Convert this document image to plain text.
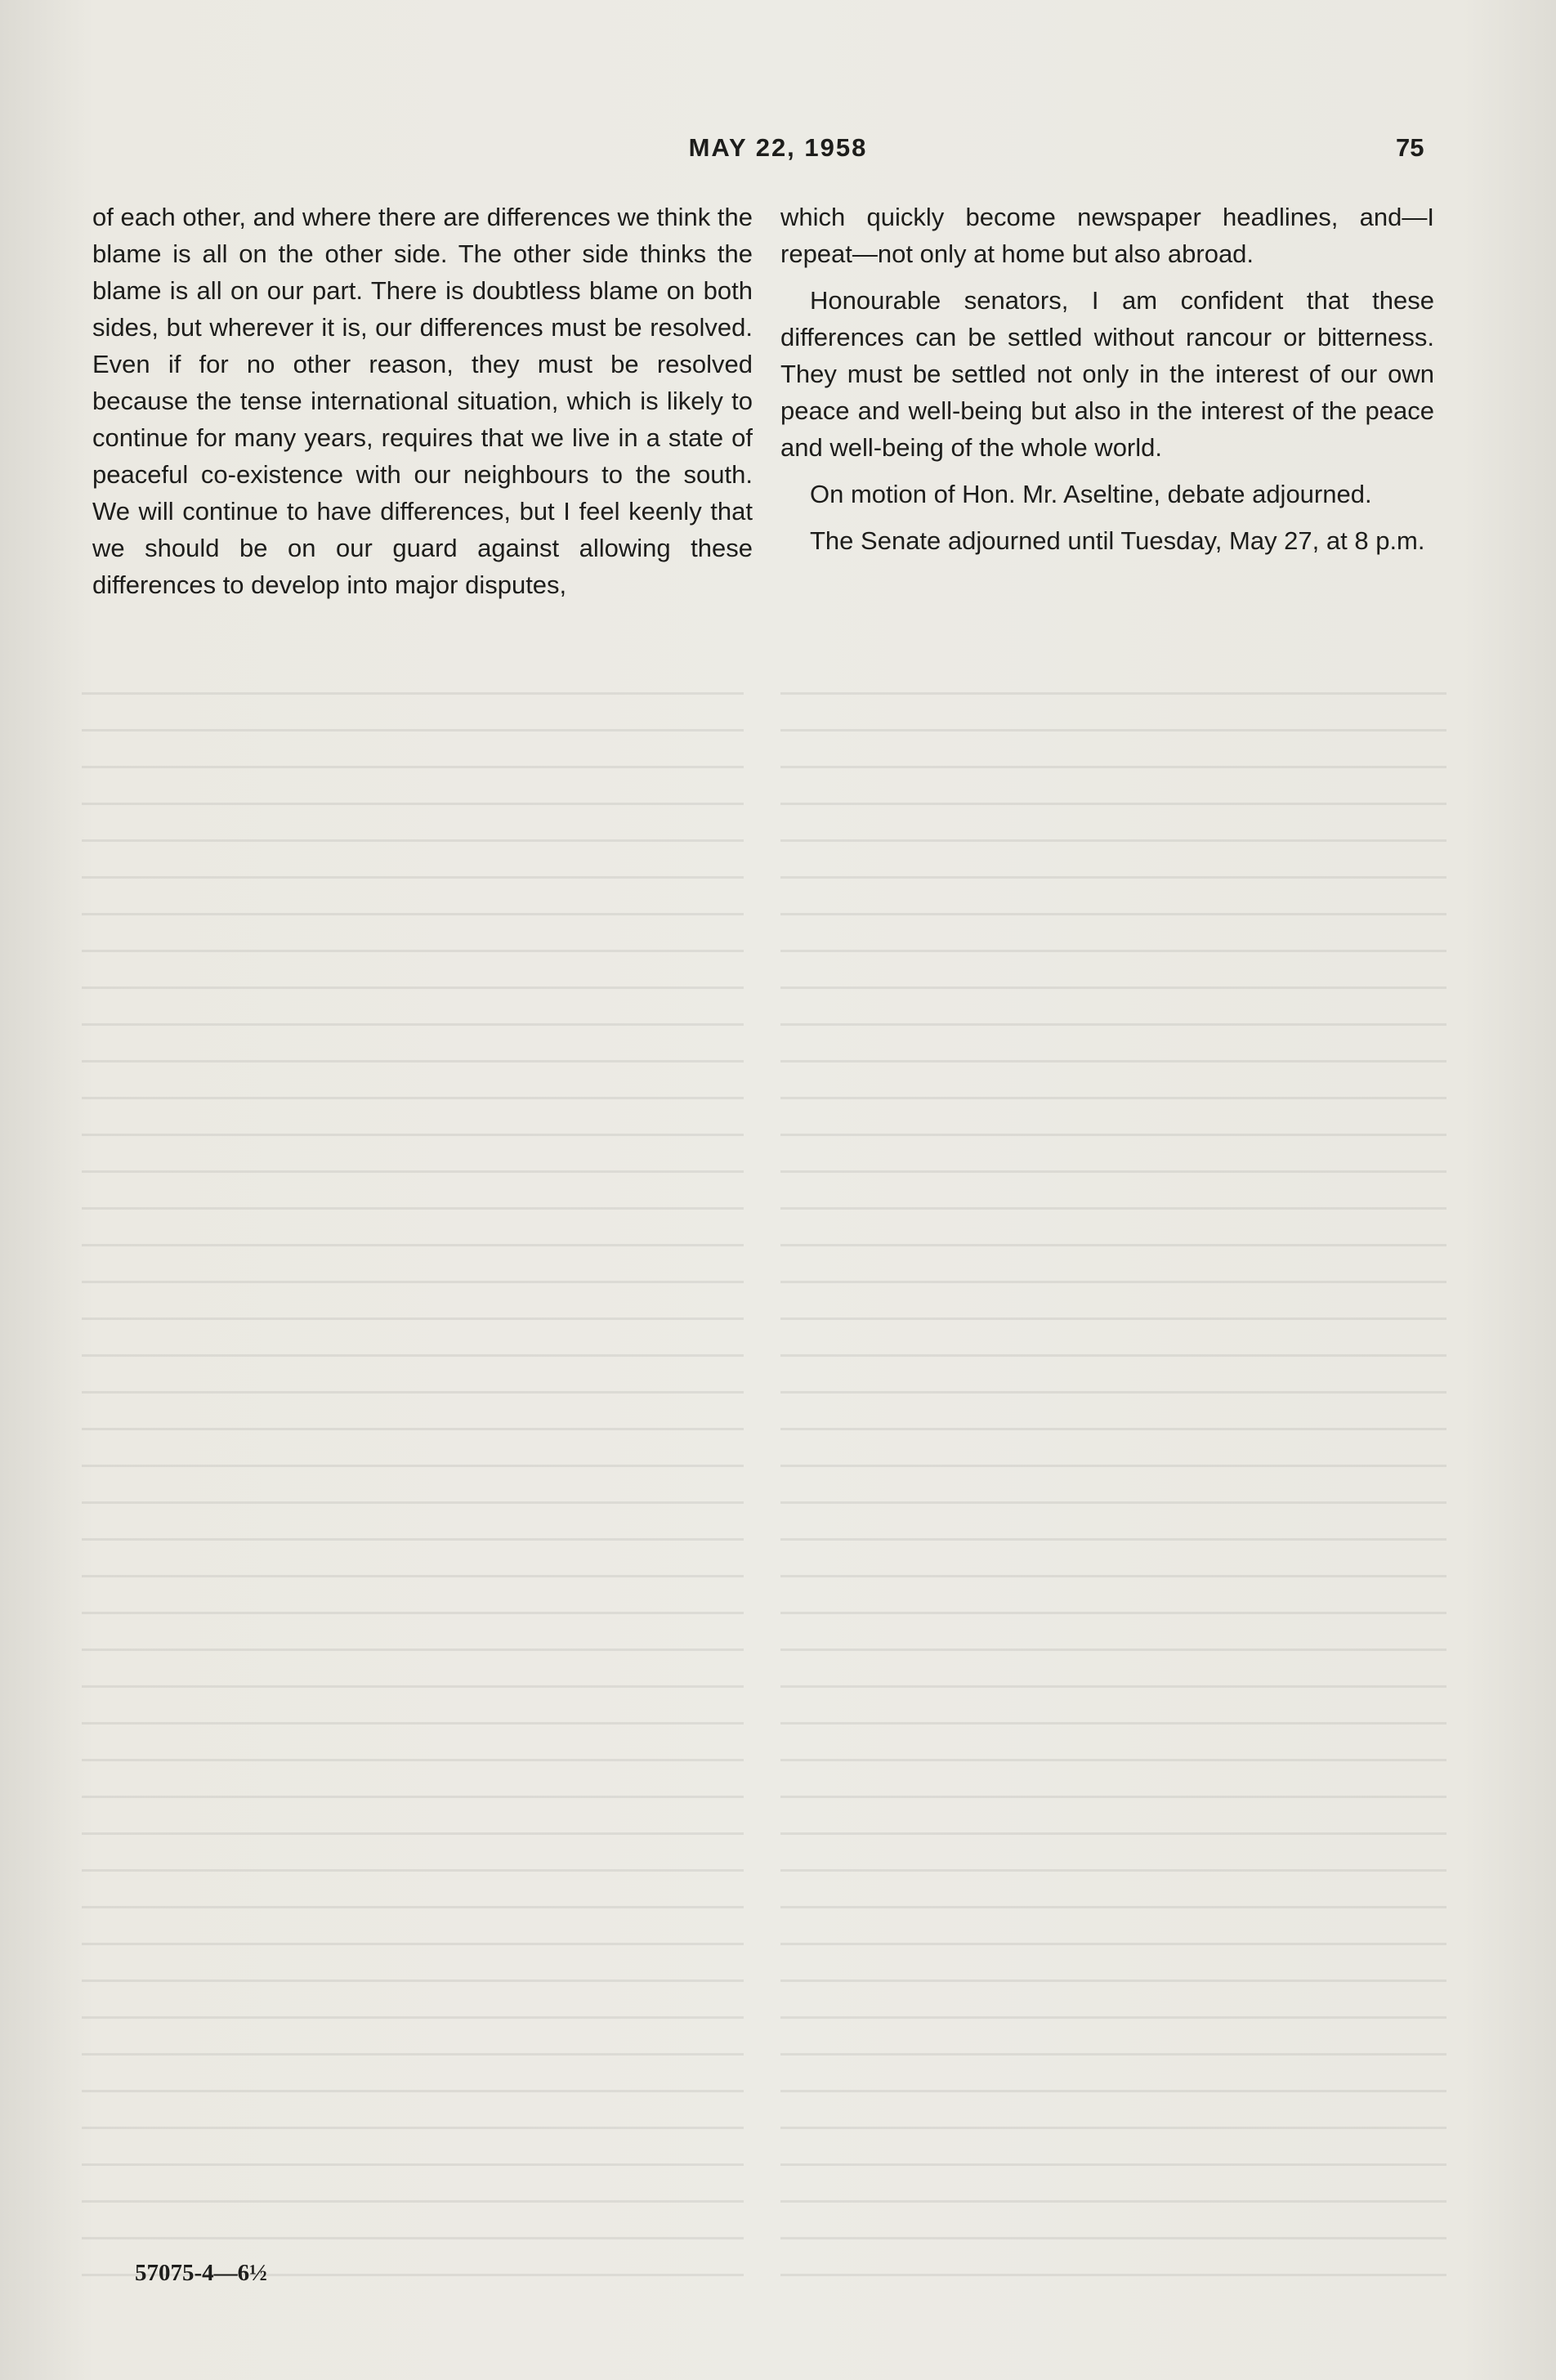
MAY 22, 1958	75

of each other, and where there are differences we think the blame is all on the other side. The other side thinks the blame is all on our part. There is doubtless blame on both sides, but wherever it is, our differences must be resolved. Even if for no other reason, they must be resolved because the tense international situation, which is likely to continue for many years, requires that we live in a state of peaceful co-existence with our neighbours to the south. We will continue to have differences, but I feel keenly that we should be on our guard against allowing these differences to develop into major disputes,

which quickly become newspaper headlines, and—I repeat—not only at home but also abroad.

Honourable senators, I am confident that these differences can be settled without rancour or bitterness. They must be settled not only in the interest of our own peace and well-being but also in the interest of the peace and well-being of the whole world.

On motion of Hon. Mr. Aseltine, debate adjourned.

The Senate adjourned until Tuesday, May 27, at 8 p.m.

57075-4—6½
